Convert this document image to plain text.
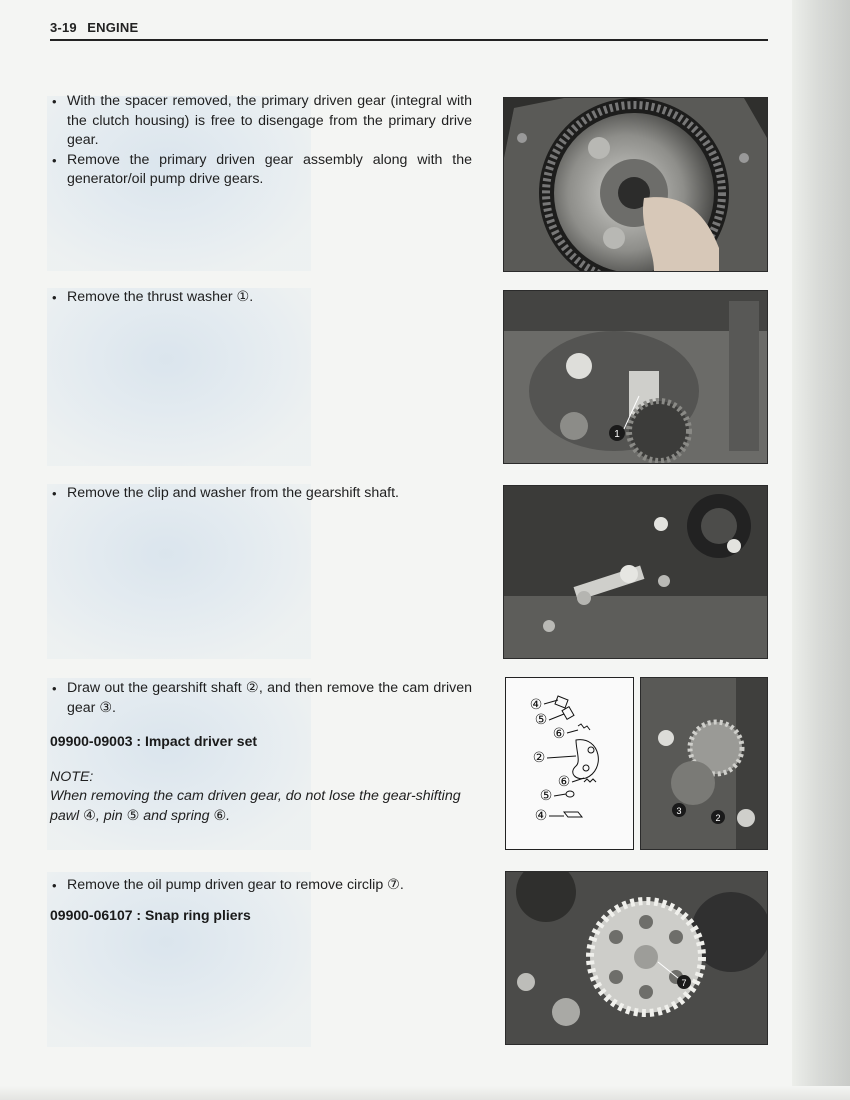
3-19 ENGINE
• With the spacer removed, the primary driven gear (integral with the clutch housing) is free to disengage from the primary drive gear.
• Remove the primary driven gear assembly along with the generator/oil pump drive gears.
• Remove the thrust washer ①.
• Remove the clip and washer from the gearshift shaft.
• Draw out the gearshift shaft ②, and then remove the cam driven gear ③.
09900-09003 : Impact driver set
NOTE:
When removing the cam driven gear, do not lose the gear-shifting pawl ④, pin ⑤ and spring ⑥.
• Remove the oil pump driven gear to remove circlip ⑦.
09900-06107 : Snap ring pliers
1
④
⑤
⑥
②
⑥
⑤
④	3
2
7
